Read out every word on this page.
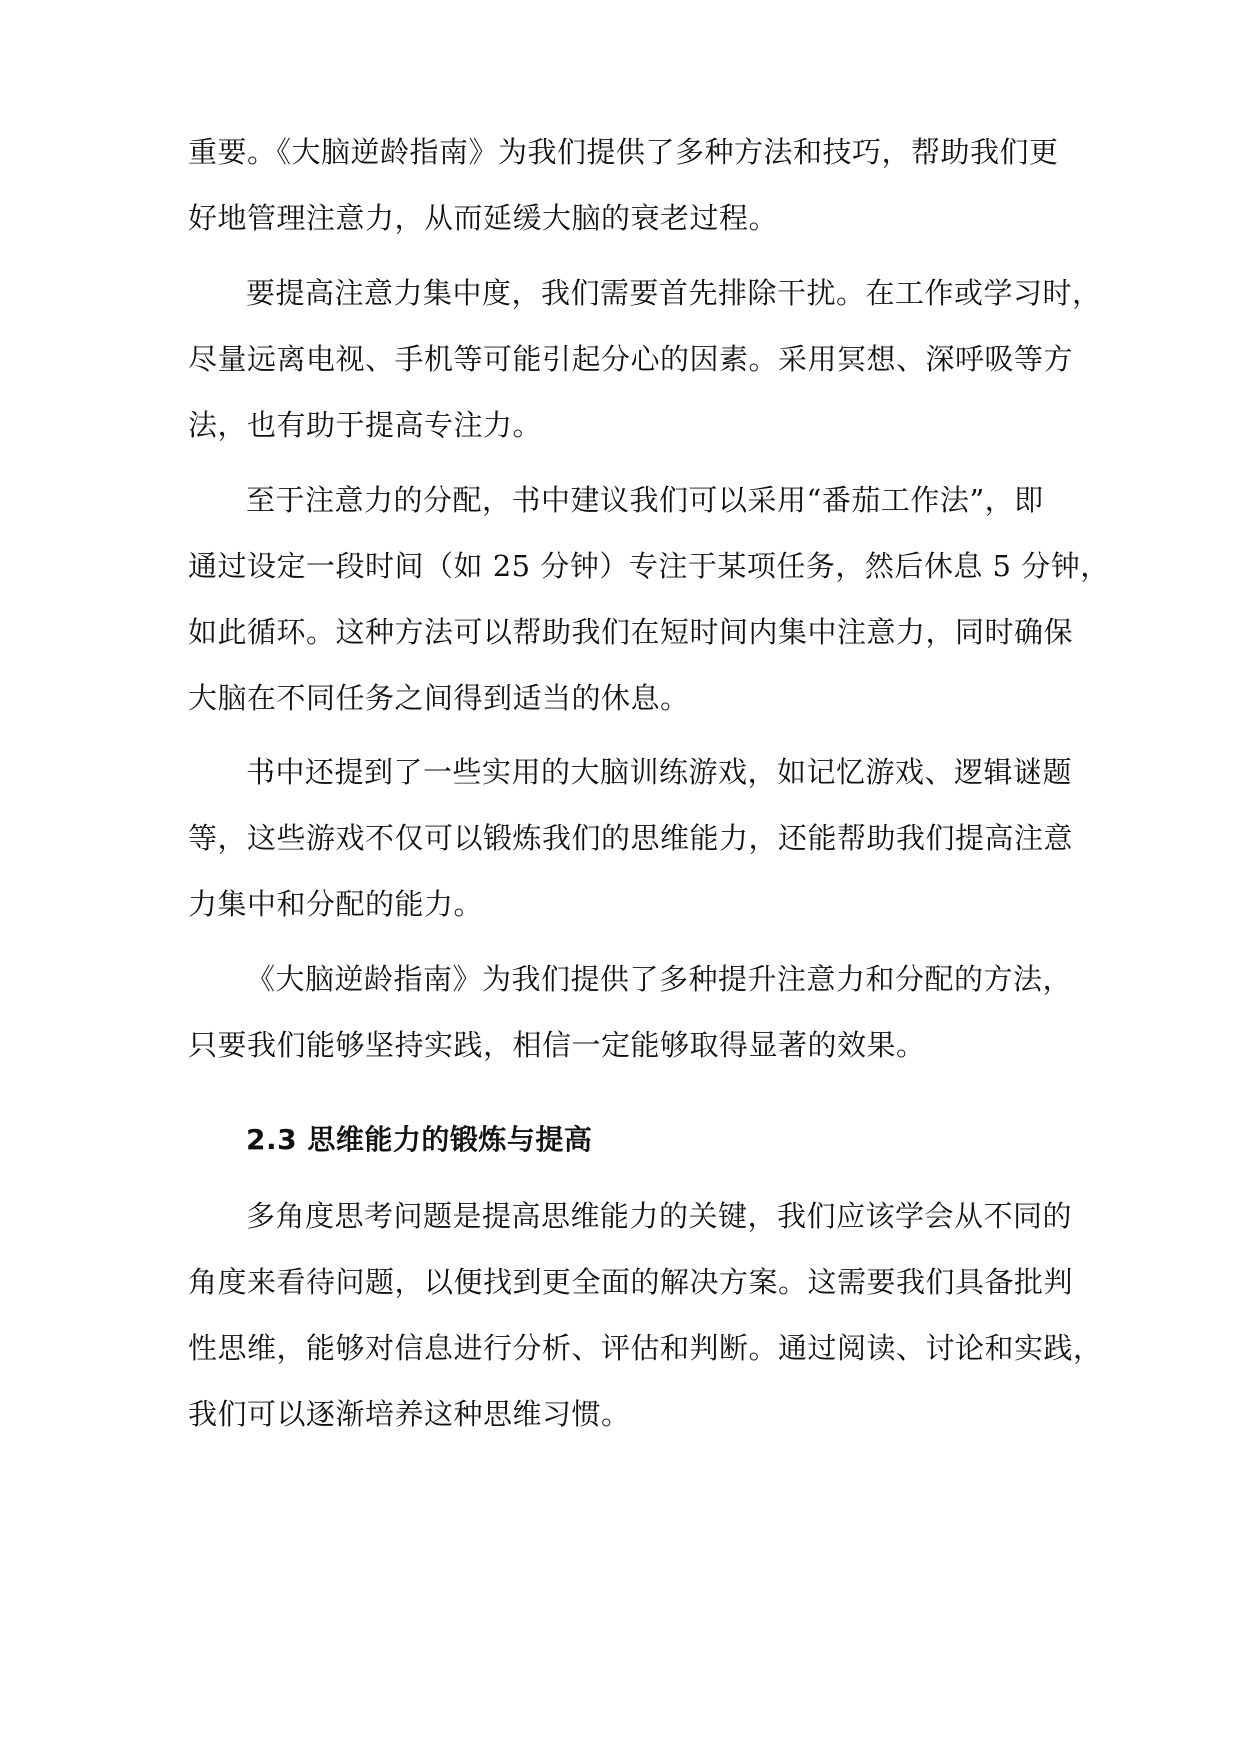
重要。《大脑逆龄指南》为我们提供了多种方法和技巧，帮助我们更
好地管理注意力，从而延缓大脑的衰老过程。
要提高注意力集中度，我们需要首先排除干扰。在工作或学习时，
尽量远离电视、手机等可能引起分心的因素。采用冥想、深呼吸等方
法，也有助于提高专注力。
至于注意力的分配，书中建议我们可以采用“番茄工作法”，即
通过设定一段时间（如 25 分钟）专注于某项任务，然后休息 5 分钟，
如此循环。这种方法可以帮助我们在短时间内集中注意力，同时确保
大脑在不同任务之间得到适当的休息。
书中还提到了一些实用的大脑训练游戏，如记忆游戏、逻辑谜题
等，这些游戏不仅可以锻炼我们的思维能力，还能帮助我们提高注意
力集中和分配的能力。
《大脑逆龄指南》为我们提供了多种提升注意力和分配的方法，
只要我们能够坚持实践，相信一定能够取得显著的效果。
2.3 思维能力的锻炼与提高
多角度思考问题是提高思维能力的关键，我们应该学会从不同的
角度来看待问题，以便找到更全面的解决方案。这需要我们具备批判
性思维，能够对信息进行分析、评估和判断。通过阅读、讨论和实践，
我们可以逐渐培养这种思维习惯。
